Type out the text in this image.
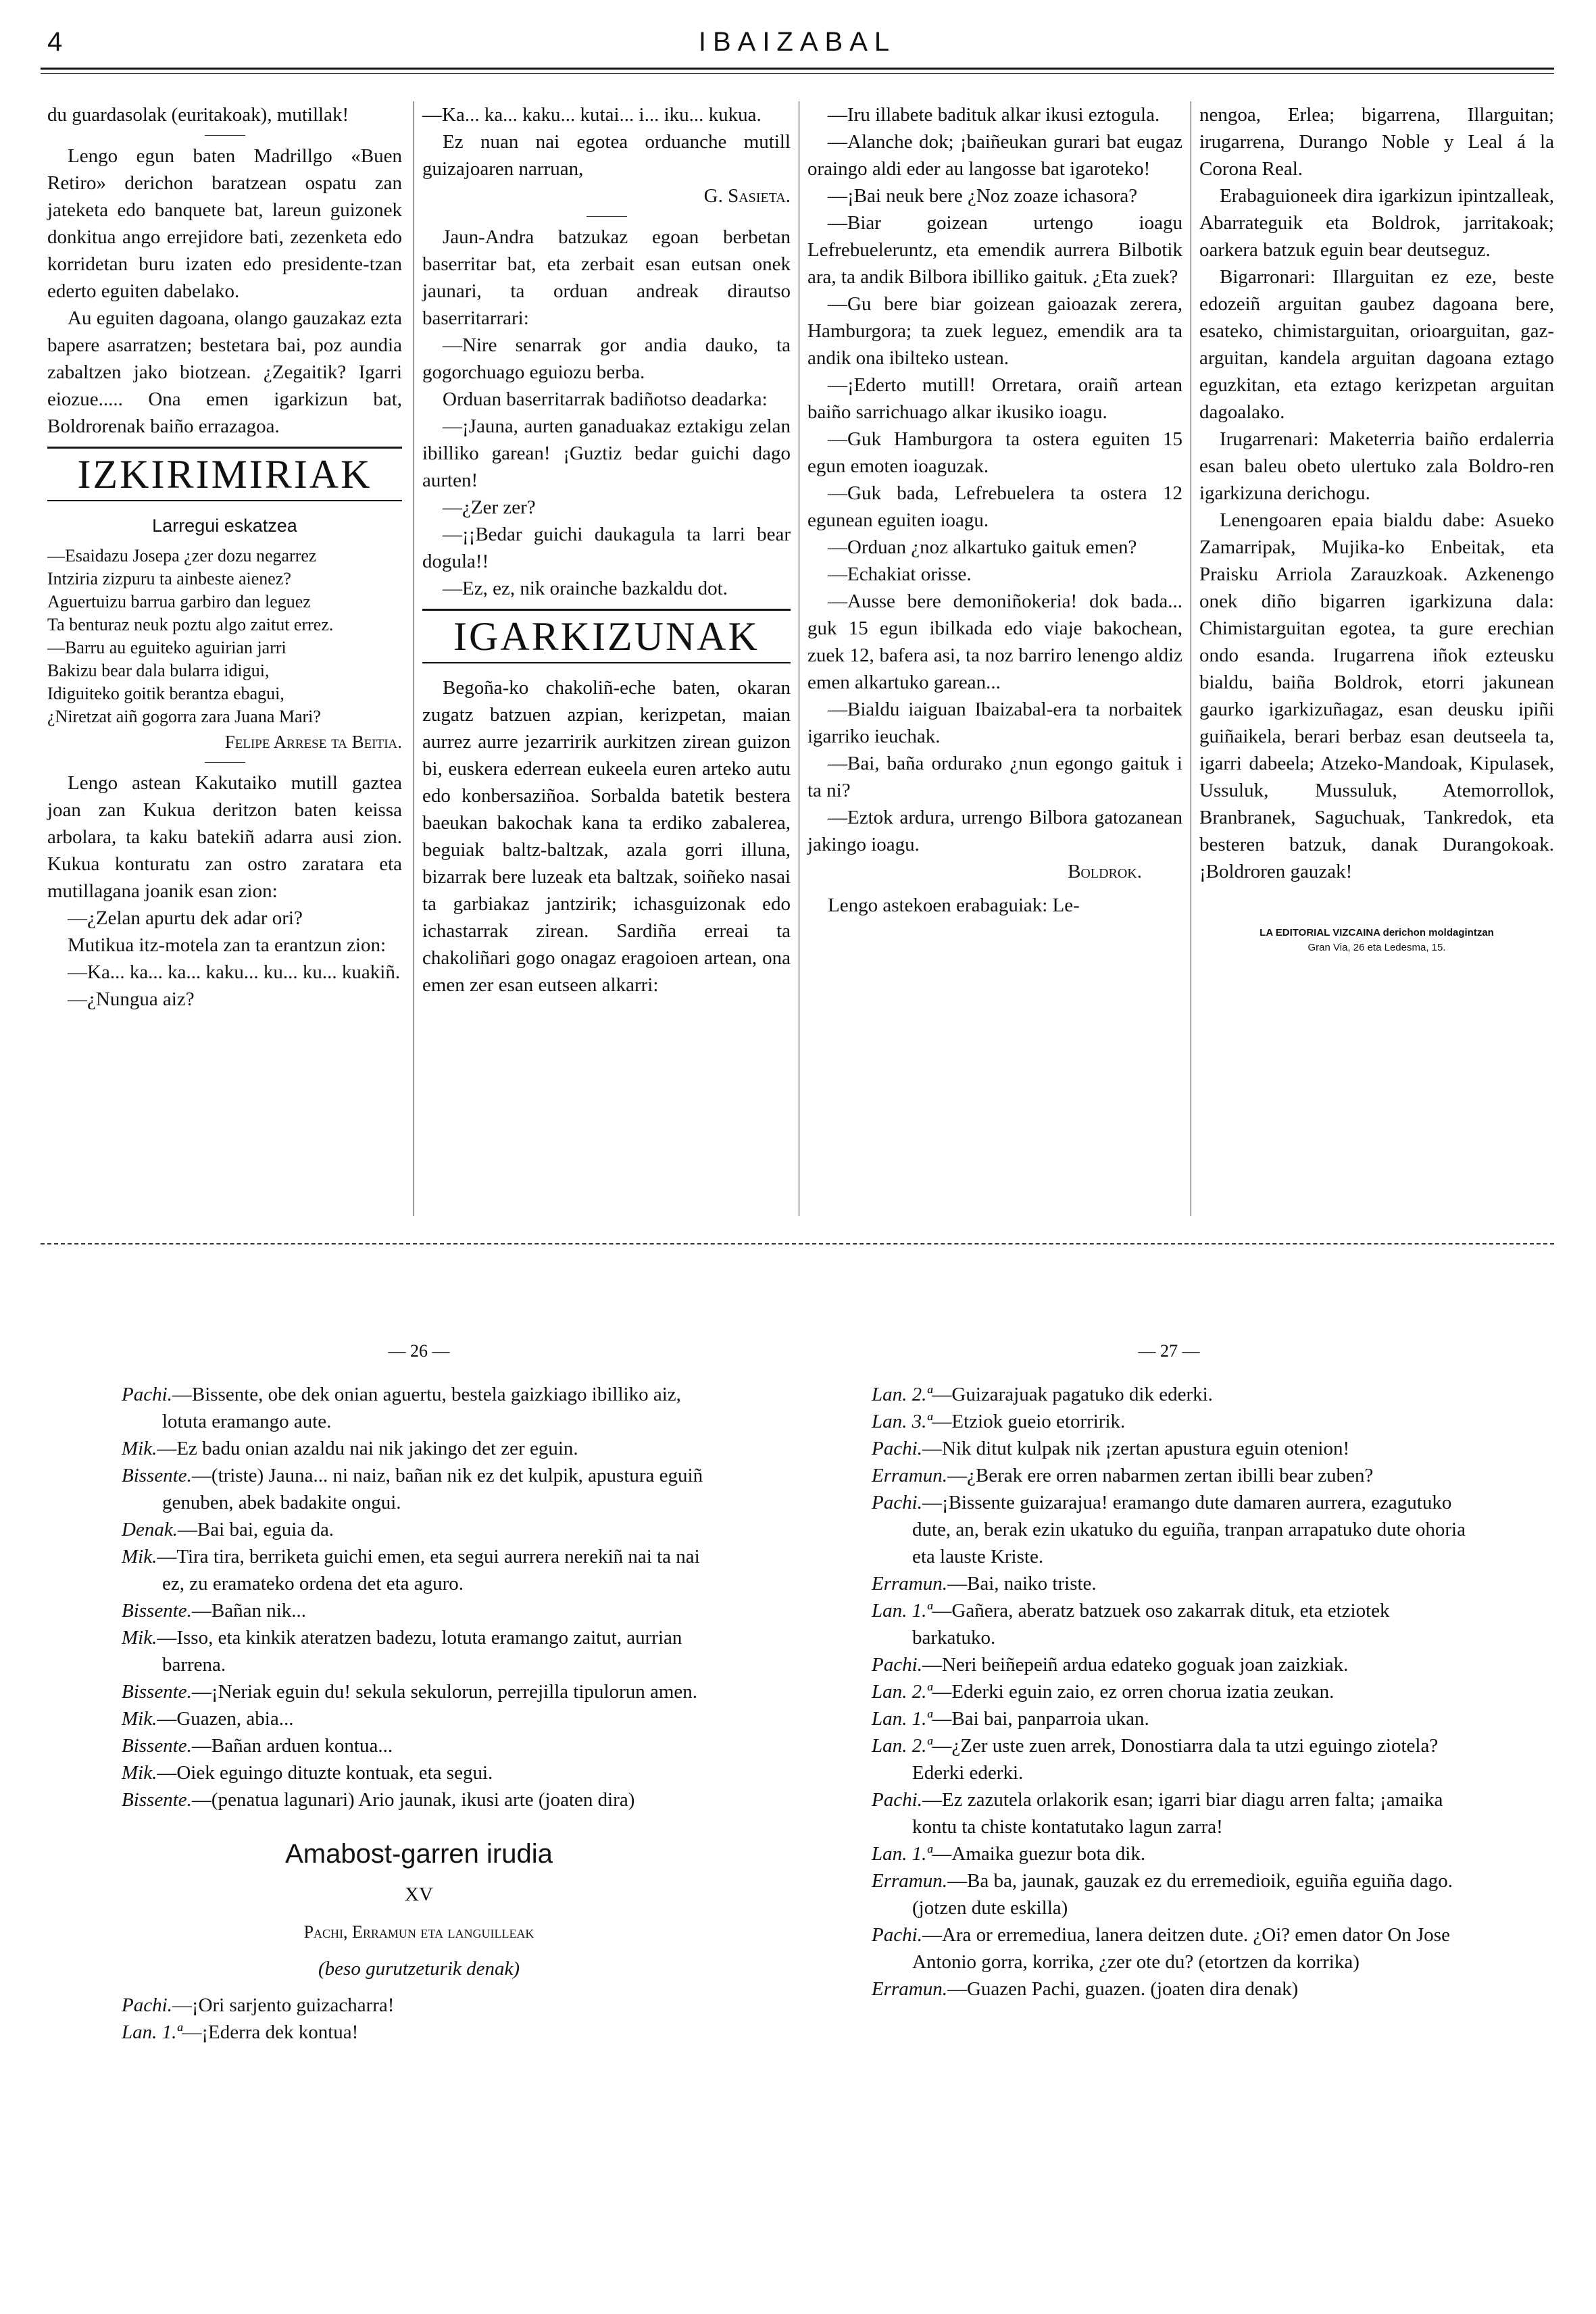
4	IBAIZABAL

du guardasolak (euritakoak), mutillak!

Lengo egun baten Madrillgo «Buen Retiro» derichon baratzean ospatu zan jateketa edo banquete bat, lareun guizonek donkitua ango errejidore bati, zezenketa edo korridetan buru izaten edo presidente-tzan ederto eguiten dabelako.

Au eguiten dagoana, olango gauzakaz ezta bapere asarratzen; bestetara bai, poz aundia zabaltzen jako biotzean. ¿Zegaitik? Igarri eiozue..... Ona emen igarkizun bat, Boldrorenak baiño errazagoa.

IZKIRIMIRIAK
Larregui eskatzea
—Esaidazu Josepa ¿zer dozu negarrez
Intziria zizpuru ta ainbeste aienez?
Aguertuizu barrua garbiro dan leguez
Ta benturaz neuk poztu algo zaitut errez.
—Barru au eguiteko aguirian jarri
Bakizu bear dala bularra idigui,
Idiguiteko goitik berantza ebagui,
¿Niretzat aiñ gogorra zara Juana Mari?
Felipe Arrese ta Beitia.

Lengo astean Kakutaiko mutill gaztea joan zan Kukua deritzon baten keissa arbolara, ta kaku batekiñ adarra ausi zion. Kukua konturatu zan ostro zaratara eta mutillagana joanik esan zion:

—¿Zelan apurtu dek adar ori?

Mutikua itz-motela zan ta erantzun zion:

—Ka... ka... ka... kaku... ku... ku... kuakiñ.

—¿Nungua aiz?

—Ka... ka... kaku... kutai... i... iku... kukua.

Ez nuan nai egotea orduanche mutill guizajoaren narruan,

G. Sasieta.

Jaun-Andra batzukaz egoan berbetan baserritar bat, eta zerbait esan eutsan onek jaunari, ta orduan andreak dirautso baserritarrari:

—Nire senarrak gor andia dauko, ta gogorchuago eguiozu berba.

Orduan baserritarrak badiñotso deadarka:

—¡Jauna, aurten ganaduakaz eztakigu zelan ibilliko garean! ¡Guztiz bedar guichi dago aurten!

—¿Zer zer?

—¡¡Bedar guichi daukagula ta larri bear dogula!!

—Ez, ez, nik orainche bazkaldu dot.

IGARKIZUNAK

Begoña-ko chakoliñ-eche baten, okaran zugatz batzuen azpian, kerizpetan, maian aurrez aurre jezarririk aurkitzen zirean guizon bi, euskera ederrean eukeela euren arteko autu edo konbersaziñoa. Sorbalda batetik bestera baeukan bakochak kana ta erdiko zabalerea, beguiak baltz-baltzak, azala gorri illuna, bizarrak bere luzeak eta baltzak, soiñeko nasai ta garbiakaz jantzirik; ichasguizonak edo ichastarrak zirean. Sardiña erreai ta chakoliñari gogo onagaz eragoioen artean, ona emen zer esan eutseen alkarri:

—Iru illabete badituk alkar ikusi eztogula.

—Alanche dok; ¡baiñeukan gurari bat eugaz oraingo aldi eder au langosse bat igaroteko!

—¡Bai neuk bere ¿Noz zoaze ichasora?

—Biar goizean urtengo ioagu Lefrebueleruntz, eta emendik aurrera Bilbotik ara, ta andik Bilbora ibilliko gaituk. ¿Eta zuek?

—Gu bere biar goizean gaioazak zerera, Hamburgora; ta zuek leguez, emendik ara ta andik ona ibilteko ustean.

—¡Ederto mutill! Orretara, oraiñ artean baiño sarrichuago alkar ikusiko ioagu.

—Guk Hamburgora ta ostera eguiten 15 egun emoten ioaguzak.

—Guk bada, Lefrebuelera ta ostera 12 egunean eguiten ioagu.

—Orduan ¿noz alkartuko gaituk emen?

—Echakiat orisse.

—Ausse bere demoniñokeria! dok bada... guk 15 egun ibilkada edo viaje bakochean, zuek 12, bafera asi, ta noz barriro lenengo aldiz emen alkartuko garean...

—Bialdu iaiguan Ibaizabal-era ta norbaitek igarriko ieuchak.

—Bai, baña ordurako ¿nun egongo gaituk i ta ni?

—Eztok ardura, urrengo Bilbora gatozanean jakingo ioagu.

Boldrok.

Lengo astekoen erabaguiak: Le-

nengoa, Erlea; bigarrena, Illarguitan; irugarrena, Durango Noble y Leal á la Corona Real.

Erabaguioneek dira igarkizun ipintzalleak, Abarrateguik eta Boldrok, jarritakoak; oarkera batzuk eguin bear deutseguz.

Bigarronari: Illarguitan ez eze, beste edozeiñ arguitan gaubez dagoana bere, esateko, chimistarguitan, orioarguitan, gaz-arguitan, kandela arguitan dagoana eztago eguzkitan, eta eztago kerizpetan arguitan dagoalako.

Irugarrenari: Maketerria baiño erdalerria esan baleu obeto ulertuko zala Boldro-ren igarkizuna derichogu.

Lenengoaren epaia bialdu dabe: Asueko Zamarripak, Mujika-ko Enbeitak, eta Praisku Arriola Zarauzkoak. Azkenengo onek diño bigarren igarkizuna dala: Chimistarguitan egotea, ta gure erechian ondo esanda. Irugarrena iñok ezteusku bialdu, baiña Boldrok, etorri jakunean gaurko igarkizuñagaz, esan deusku ipiñi guiñaikela, berari berbaz esan deutseela ta, igarri dabeela; Atzeko-Mandoak, Kipulasek, Ussuluk, Mussuluk, Atemorrollok, Branbranek, Saguchuak, Tankredok, eta besteren batzuk, danak Durangokoak. ¡Boldroren gauzak!

LA EDITORIAL VIZCAINA derichon moldagintzan
Gran Via, 26 eta Ledesma, 15.
— 26 —

Pachi.—Bissente, obe dek onian aguertu, bestela gaizkiago ibilliko aiz, lotuta eramango aute.

Mik.—Ez badu onian azaldu nai nik jakingo det zer eguin.

Bissente.—(triste) Jauna... ni naiz, bañan nik ez det kulpik, apustura eguiñ genuben, abek badakite ongui.

Denak.—Bai bai, eguia da.

Mik.—Tira tira, berriketa guichi emen, eta segui aurrera nerekiñ nai ta nai ez, zu eramateko ordena det eta aguro.

Bissente.—Bañan nik...

Mik.—Isso, eta kinkik ateratzen badezu, lotuta eramango zaitut, aurrian barrena.

Bissente.—¡Neriak eguin du! sekula sekulorun, perrejilla tipulorun amen.

Mik.—Guazen, abia...

Bissente.—Bañan arduen kontua...

Mik.—Oiek eguingo dituzte kontuak, eta segui.

Bissente.—(penatua lagunari) Ario jaunak, ikusi arte (joaten dira)

Amabost-garren irudia
XV
Pachi, Erramun eta languilleak
(beso gurutzeturik denak)

Pachi.—¡Ori sarjento guizacharra!

Lan. 1.ª—¡Ederra dek kontua!

— 27 —

Lan. 2.ª—Guizarajuak pagatuko dik ederki.

Lan. 3.ª—Etziok gueio etorririk.

Pachi.—Nik ditut kulpak nik ¡zertan apustura eguin otenion!

Erramun.—¿Berak ere orren nabarmen zertan ibilli bear zuben?

Pachi.—¡Bissente guizarajua! eramango dute damaren aurrera, ezagutuko dute, an, berak ezin ukatuko du eguiña, tranpan arrapatuko dute ohoria eta lauste Kriste.

Erramun.—Bai, naiko triste.

Lan. 1.ª—Gañera, aberatz batzuek oso zakarrak dituk, eta etziotek barkatuko.

Pachi.—Neri beiñepeiñ ardua edateko goguak joan zaizkiak.

Lan. 2.ª—Ederki eguin zaio, ez orren chorua izatia zeukan.

Lan. 1.ª—Bai bai, panparroia ukan.

Lan. 2.ª—¿Zer uste zuen arrek, Donostiarra dala ta utzi eguingo ziotela? Ederki ederki.

Pachi.—Ez zazutela orlakorik esan; igarri biar diagu arren falta; ¡amaika kontu ta chiste kontatutako lagun zarra!

Lan. 1.ª—Amaika guezur bota dik.

Erramun.—Ba ba, jaunak, gauzak ez du erremedioik, eguiña eguiña dago. (jotzen dute eskilla)

Pachi.—Ara or erremediua, lanera deitzen dute. ¿Oi? emen dator On Jose Antonio gorra, korrika, ¿zer ote du? (etortzen da korrika)

Erramun.—Guazen Pachi, guazen. (joaten dira denak)
